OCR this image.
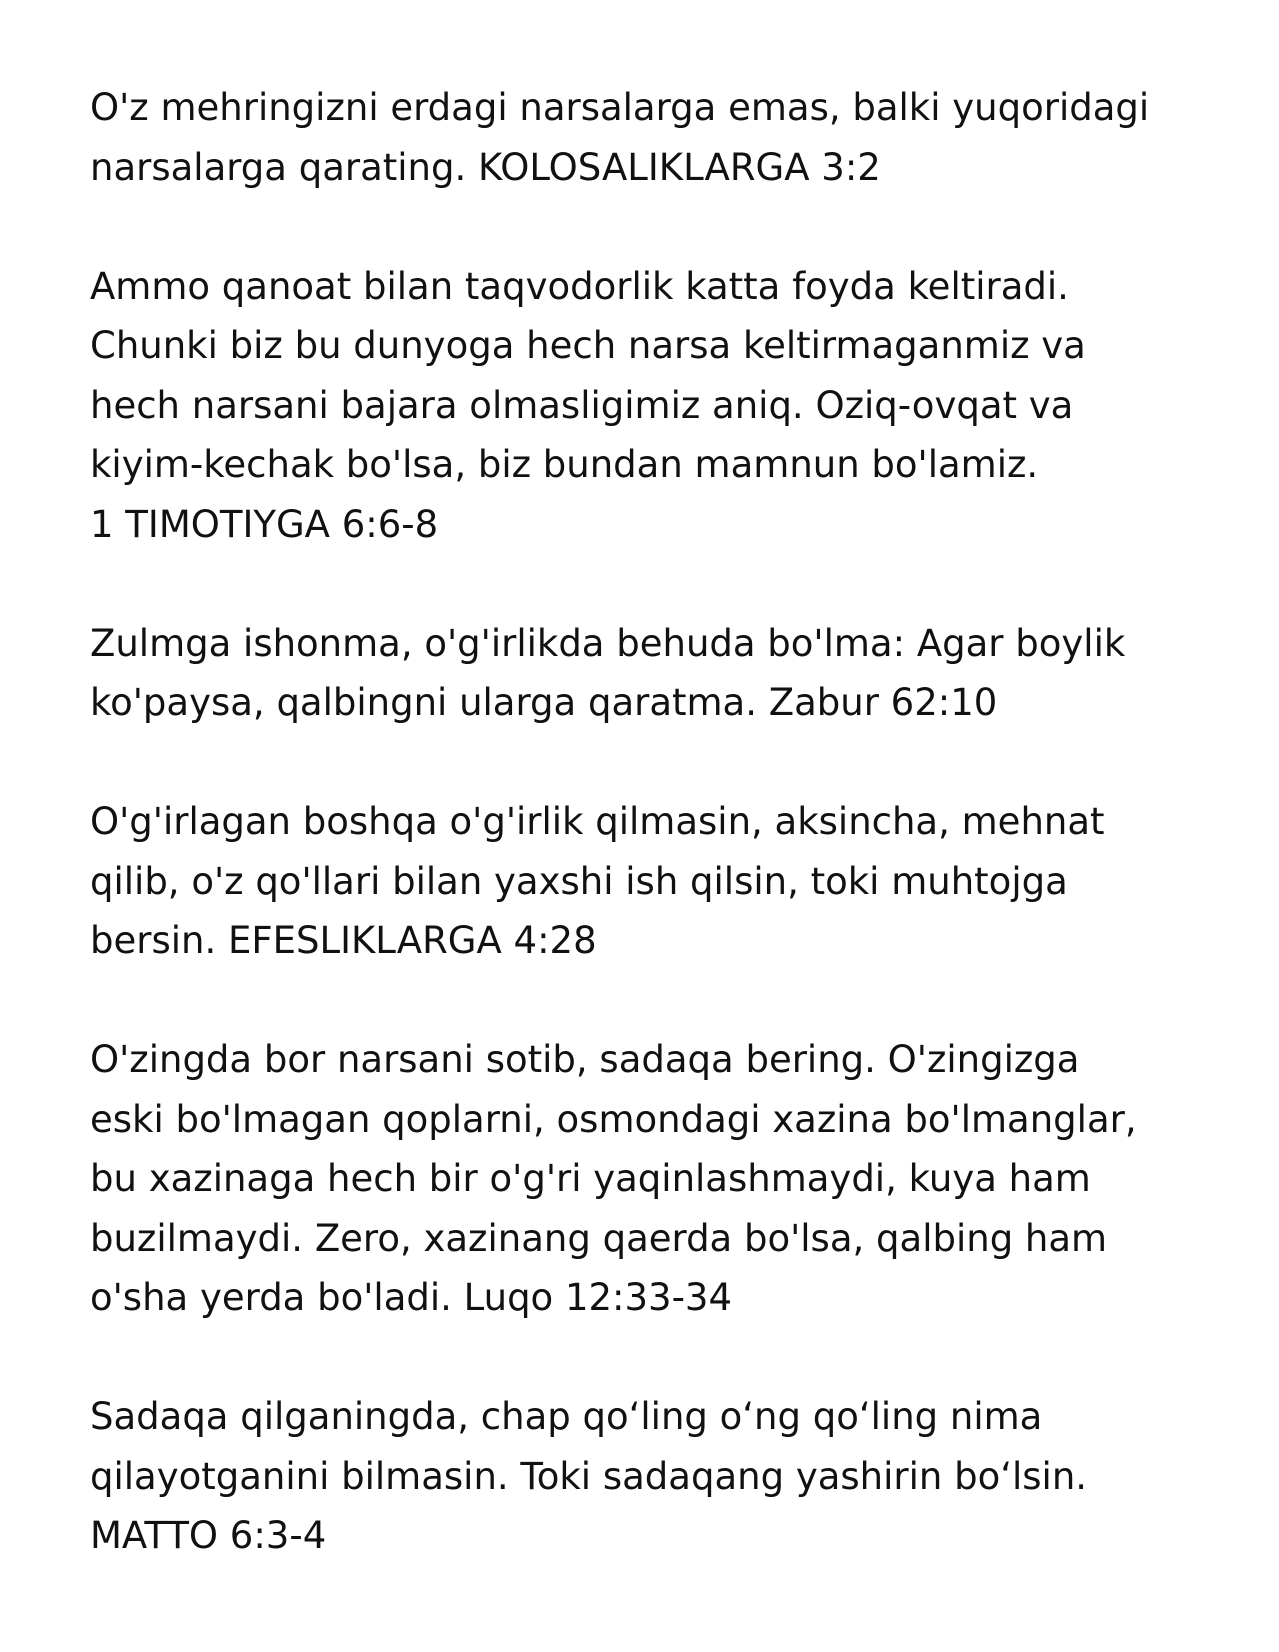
O'z mehringizni erdagi narsalarga emas, balki yuqoridagi
narsalarga qarating. KOLOSALIKLARGA 3:2
Ammo qanoat bilan taqvodorlik katta foyda keltiradi.
Chunki biz bu dunyoga hech narsa keltirmaganmiz va
hech narsani bajara olmasligimiz aniq. Oziq-ovqat va
kiyim-kechak bo'lsa, biz bundan mamnun bo'lamiz.
1 TIMOTIYGA 6:6-8
Zulmga ishonma, o'g'irlikda behuda bo'lma: Agar boylik
ko'paysa, qalbingni ularga qaratma. Zabur 62:10
O'g'irlagan boshqa o'g'irlik qilmasin, aksincha, mehnat
qilib, o'z qo'llari bilan yaxshi ish qilsin, toki muhtojga
bersin. EFESLIKLARGA 4:28
O'zingda bor narsani sotib, sadaqa bering. O'zingizga
eski bo'lmagan qoplarni, osmondagi xazina bo'lmanglar,
bu xazinaga hech bir o'g'ri yaqinlashmaydi, kuya ham
buzilmaydi. Zero, xazinang qaerda bo'lsa, qalbing ham
o'sha yerda bo'ladi. Luqo 12:33-34
Sadaqa qilganingda, chap qo‘ling o‘ng qo‘ling nima
qilayotganini bilmasin. Toki sadaqang yashirin bo‘lsin.
MATTO 6:3-4
